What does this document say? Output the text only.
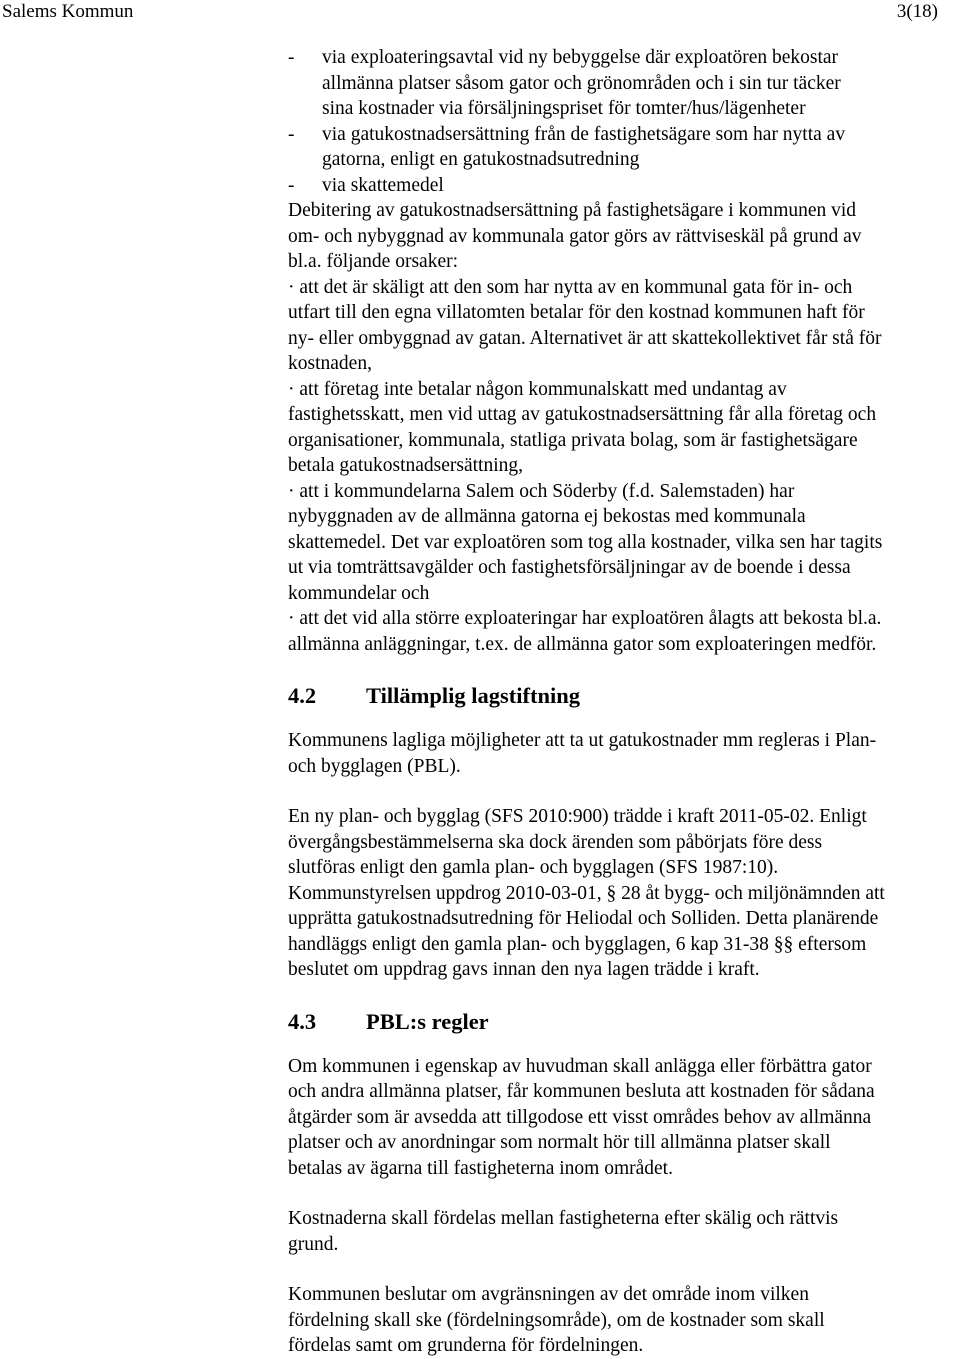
Salems Kommun	3(18)
- via exploateringsavtal vid ny bebyggelse där exploatören bekostar
allmänna platser såsom gator och grönområden och i sin tur täcker
sina kostnader via försäljningspriset för tomter/hus/lägenheter
- via gatukostnadsersättning från de fastighetsägare som har nytta av
gatorna, enligt en gatukostnadsutredning
- via skattemedel
Debitering av gatukostnadsersättning på fastighetsägare i kommunen vid
om- och nybyggnad av kommunala gator görs av rättviseskäl på grund av
bl.a. följande orsaker:
· att det är skäligt att den som har nytta av en kommunal gata för in- och
utfart till den egna villatomten betalar för den kostnad kommunen haft för
ny- eller ombyggnad av gatan. Alternativet är att skattekollektivet får stå för
kostnaden,
· att företag inte betalar någon kommunalskatt med undantag av
fastighetsskatt, men vid uttag av gatukostnadsersättning får alla företag och
organisationer, kommunala, statliga privata bolag, som är fastighetsägare
betala gatukostnadsersättning,
· att i kommundelarna Salem och Söderby (f.d. Salemstaden) har
nybyggnaden av de allmänna gatorna ej bekostas med kommunala
skattemedel. Det var exploatören som tog alla kostnader, vilka sen har tagits
ut via tomträttsavgälder och fastighetsförsäljningar av de boende i dessa
kommundelar och
· att det vid alla större exploateringar har exploatören ålagts att bekosta bl.a.
allmänna anläggningar, t.ex. de allmänna gator som exploateringen medför.
4.2	Tillämplig lagstiftning
Kommunens lagliga möjligheter att ta ut gatukostnader mm regleras i Plan-
och bygglagen (PBL).
En ny plan- och bygglag (SFS 2010:900) trädde i kraft 2011-05-02. Enligt
övergångsbestämmelserna ska dock ärenden som påbörjats före dess
slutföras enligt den gamla plan- och bygglagen (SFS 1987:10).
Kommunstyrelsen uppdrog 2010-03-01, § 28 åt bygg- och miljönämnden att
upprätta gatukostnadsutredning för Heliodal och Solliden. Detta planärende
handläggs enligt den gamla plan- och bygglagen, 6 kap 31-38 §§ eftersom
beslutet om uppdrag gavs innan den nya lagen trädde i kraft.
4.3	PBL:s regler
Om kommunen i egenskap av huvudman skall anlägga eller förbättra gator
och andra allmänna platser, får kommunen besluta att kostnaden för sådana
åtgärder som är avsedda att tillgodose ett visst områdes behov av allmänna
platser och av anordningar som normalt hör till allmänna platser skall
betalas av ägarna till fastigheterna inom området.
Kostnaderna skall fördelas mellan fastigheterna efter skälig och rättvis
grund.
Kommunen beslutar om avgränsningen av det område inom vilken
fördelning skall ske (fördelningsområde), om de kostnader som skall
fördelas samt om grunderna för fördelningen.
